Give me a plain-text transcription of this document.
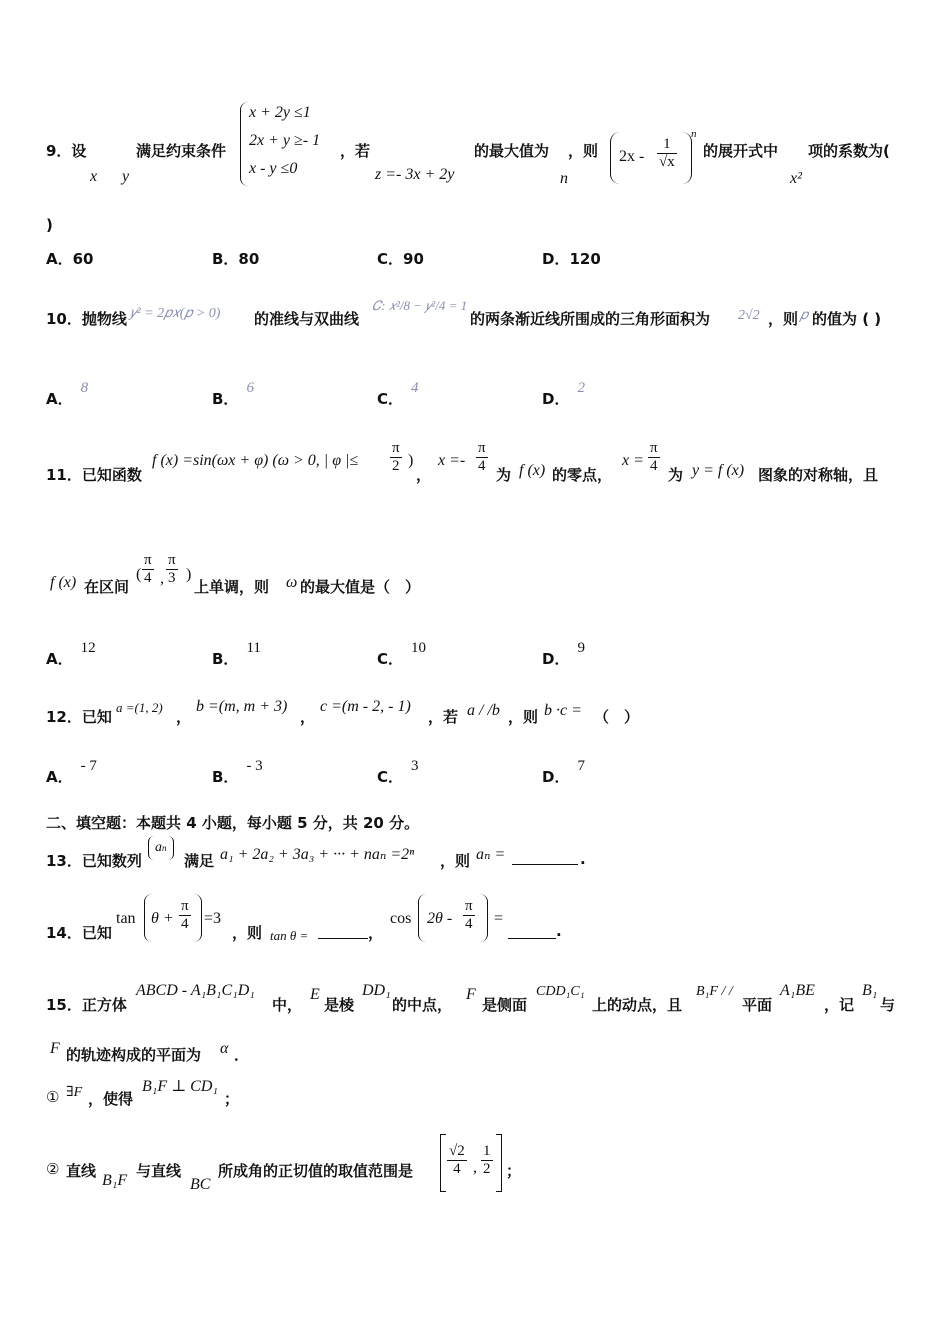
9．设
x y
满足约束条件
x + 2y ≤1
2x + y ≥- 1
x - y ≤0
，若
z =- 3x + 2y
的最大值为
n
，则 $2x - \frac{1}{√x}$
n
的展开式中
x²
项的系数为(
)
A．60	B．80	C．90	D．120
10．抛物线 𝑦² = 2𝑝𝑥(𝑝 > 0) 的准线与双曲线
𝐶: 𝑥²/8 − 𝑦²/4 = 1
的两条渐近线所围成的三角形面积为 2√2 ，则 𝑝 的值为 ( )
A．8
B．6
C．4
D．2
11．已知函数
f (x) =sin(ωx + φ) (ω > 0, | φ |≤ $\frac{\pi}{2}$ )
，
$x =- \frac{\pi}{4}$ 为 f (x) 的零点，
$x = \frac{\pi}{4}$ 为 y = f (x) 图象的对称轴，且
f (x) 在区间
( $\frac{\pi}{4}$ , $\frac{\pi}{3}$ )
上单调，则 ω 的最大值是（　）
A．12
B．11
C．10
D．9
12．已知
a =(1, 2)
，
b =(m, m + 3)
，
c =(m - 2, - 1)
，若 a / /b ，则 b ·c = （　）
A．- 7
B．- 3
C．3
D．7
二、填空题：本题共 4 小题，每小题 5 分，共 20 分。
13．已知数列
an
满足 a₁ + 2a₂ + 3a₃ + ··· + naₙ =2ⁿ ，则 aₙ =	.
14．已知
$\tan \theta + \frac{\pi}{4} =3$
，则 tan θ =	，
$\cos 2\theta - \frac{\pi}{4}$ =
.
15．正方体
ABCD - A₁B₁C₁D₁
中，
E
是棱
DD₁
的中点，
F
是侧面
CDD₁C₁
上的动点，且
B₁F / /
平面
A₁BE
，记
B₁
与
F 的轨迹构成的平面为 α ．
① ∃F ，使得
B₁F ⊥ CD₁
；
② 直线
B₁F
与直线
BC
所成角的正切值的取值范围是 $\frac{√2}{4}$ , $\frac{1}{2}$ ；
